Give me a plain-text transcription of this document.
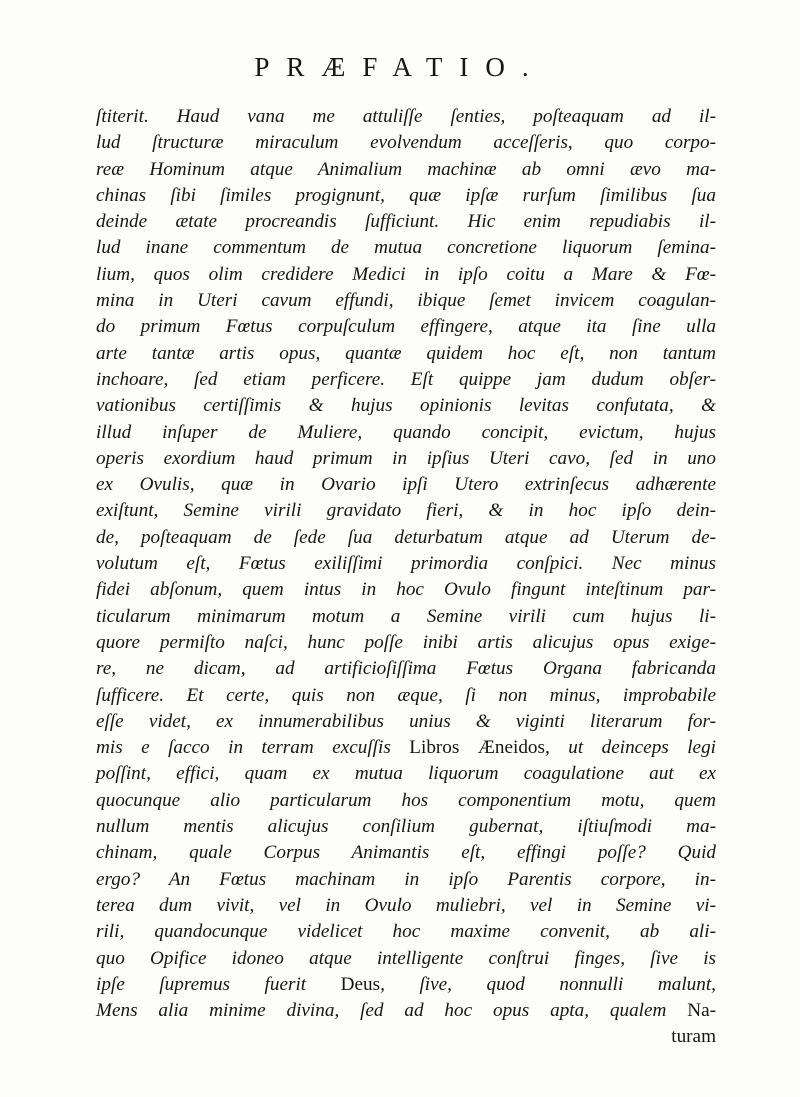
PRÆFATIO.
ſtiterit. Haud vana me attuliſſe ſenties, poſteaquam ad il-
lud ſtructuræ miraculum evolvendum acceſſeris, quo corpo-
reæ Hominum atque Animalium machinæ ab omni ævo ma-
chinas ſibi ſimiles progignunt, quæ ipſæ rurſum ſimilibus ſua
deinde ætate procreandis ſufficiunt. Hic enim repudiabis il-
lud inane commentum de mutua concretione liquorum ſemina-
lium, quos olim credidere Medici in ipſo coitu a Mare & Fœ-
mina in Uteri cavum effundi, ibique ſemet invicem coagulan-
do primum Fœtus corpuſculum effingere, atque ita ſine ulla
arte tantæ artis opus, quantæ quidem hoc eſt, non tantum
inchoare, ſed etiam perficere. Eſt quippe jam dudum obſer-
vationibus certiſſimis & hujus opinionis levitas confutata, &
illud inſuper de Muliere, quando concipit, evictum, hujus
operis exordium haud primum in ipſius Uteri cavo, ſed in uno
ex Ovulis, quæ in Ovario ipſi Utero extrinſecus adhærente
exiſtunt, Semine virili gravidato fieri, & in hoc ipſo dein-
de, poſteaquam de ſede ſua deturbatum atque ad Uterum de-
volutum eſt, Fœtus exiliſſimi primordia conſpici. Nec minus
fidei abſonum, quem intus in hoc Ovulo fingunt inteſtinum par-
ticularum minimarum motum a Semine virili cum hujus li-
quore permiſto naſci, hunc poſſe inibi artis alicujus opus exige-
re, ne dicam, ad artificioſiſſima Fœtus Organa fabricanda
ſufficere. Et certe, quis non æque, ſi non minus, improbabile
eſſe videt, ex innumerabilibus unius & viginti literarum for-
mis e ſacco in terram excuſſis Libros Æneidos, ut deinceps legi
poſſint, effici, quam ex mutua liquorum coagulatione aut ex
quocunque alio particularum hos componentium motu, quem
nullum mentis alicujus conſilium gubernat, iſtiuſmodi ma-
chinam, quale Corpus Animantis eſt, effingi poſſe? Quid
ergo? An Fœtus machinam in ipſo Parentis corpore, in-
terea dum vivit, vel in Ovulo muliebri, vel in Semine vi-
rili, quandocunque videlicet hoc maxime convenit, ab ali-
quo Opifice idoneo atque intelligente conſtrui finges, ſive is
ipſe ſupremus fuerit Deus, ſive, quod nonnulli malunt,
Mens alia minime divina, ſed ad hoc opus apta, qualem Na-
turam
